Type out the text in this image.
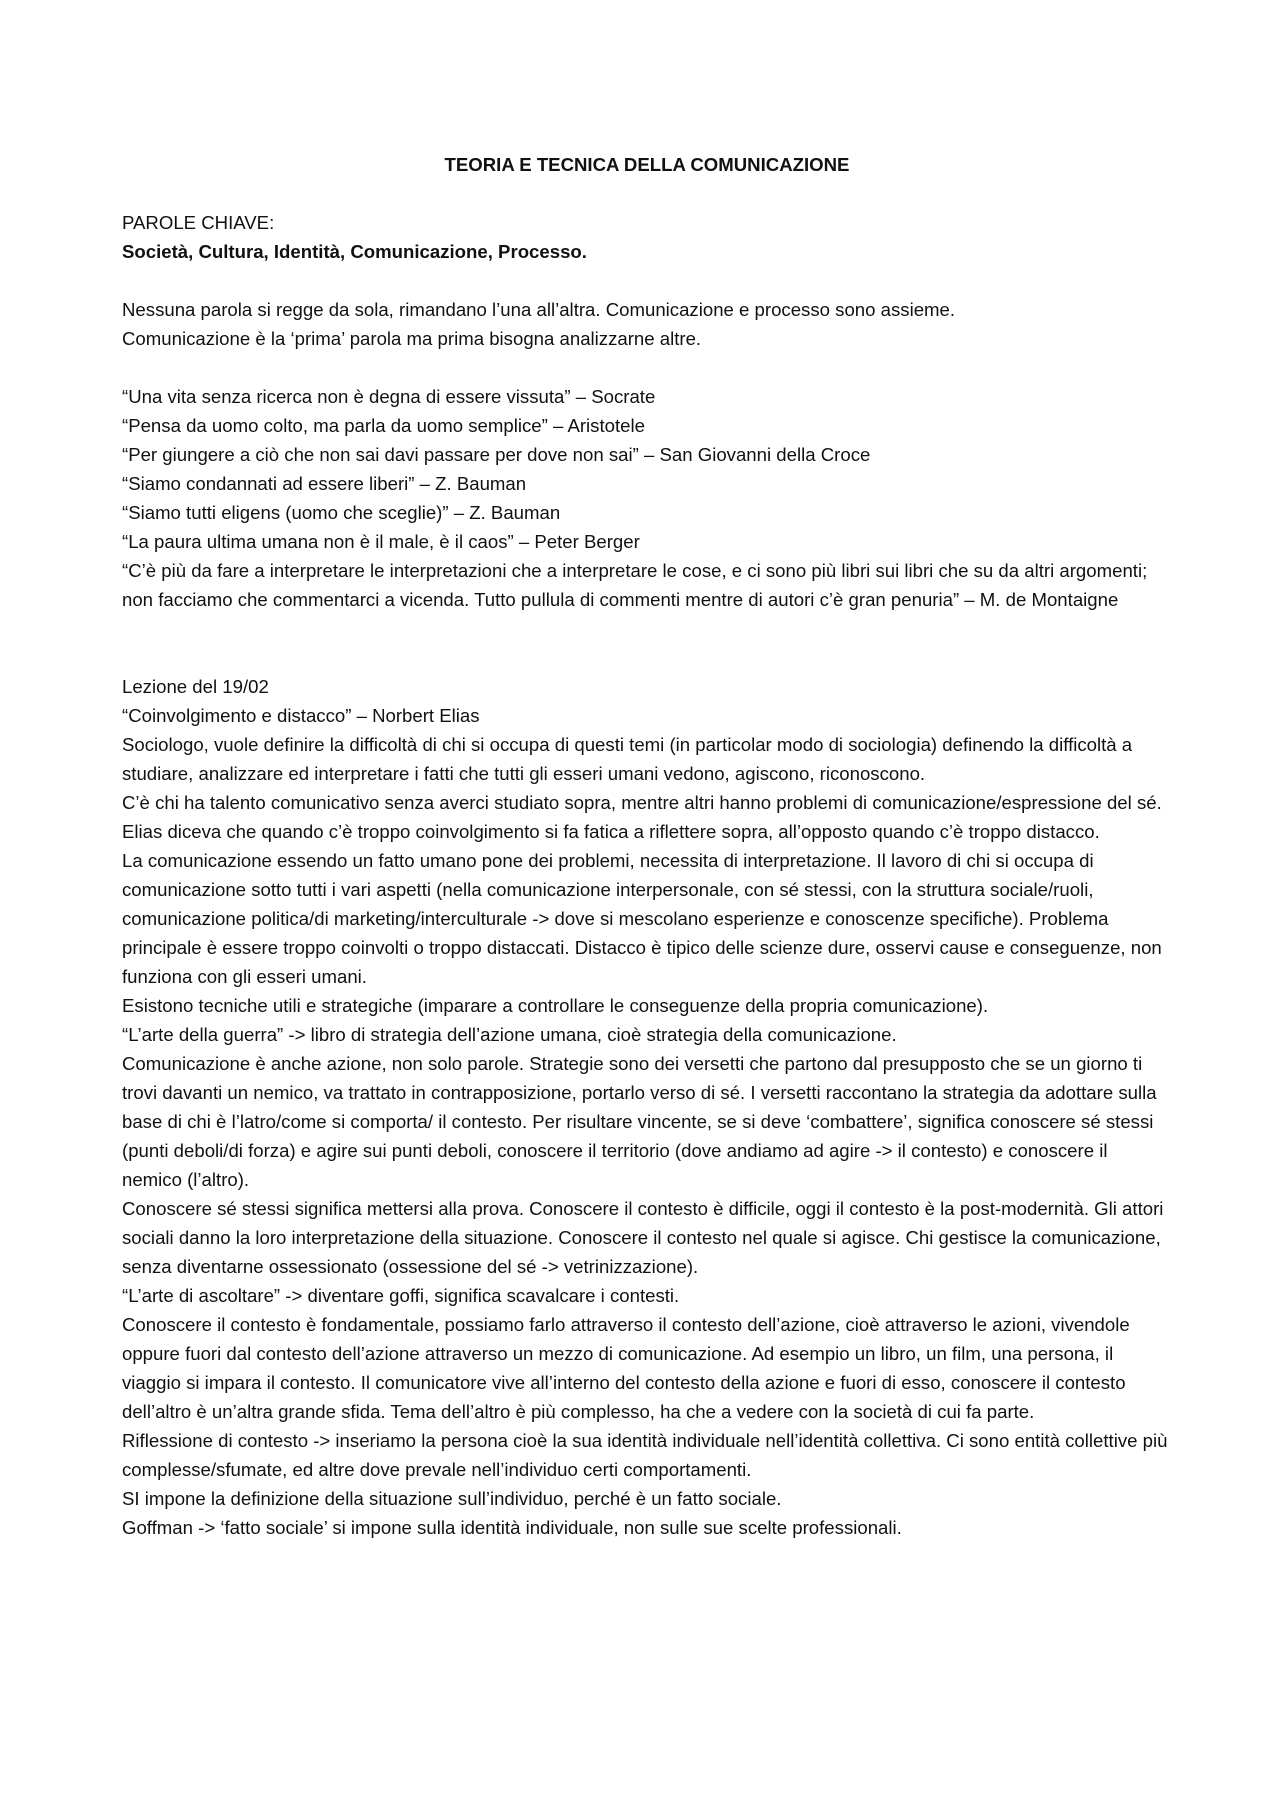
TEORIA E TECNICA DELLA COMUNICAZIONE

PAROLE CHIAVE:

Società, Cultura, Identità, Comunicazione, Processo.

Nessuna parola si regge da sola, rimandano l’una all’altra. Comunicazione e processo sono assieme.

Comunicazione è la ‘prima’ parola ma prima bisogna analizzarne altre.

“Una vita senza ricerca non è degna di essere vissuta” – Socrate

“Pensa da uomo colto, ma parla da uomo semplice” – Aristotele

“Per giungere a ciò che non sai davi passare per dove non sai” – San Giovanni della Croce

“Siamo condannati ad essere liberi” – Z. Bauman

“Siamo tutti eligens (uomo che sceglie)” – Z. Bauman

“La paura ultima umana non è il male, è il caos” – Peter Berger

“C’è più da fare a interpretare le interpretazioni che a interpretare le cose, e ci sono più libri sui libri che su da altri argomenti; non facciamo che commentarci a vicenda. Tutto pullula di commenti mentre di autori c’è gran penuria” – M. de Montaigne

Lezione del 19/02

“Coinvolgimento e distacco” – Norbert Elias

Sociologo, vuole definire la difficoltà di chi si occupa di questi temi (in particolar modo di sociologia) definendo la difficoltà a studiare, analizzare ed interpretare i fatti che tutti gli esseri umani vedono, agiscono, riconoscono.

C’è chi ha talento comunicativo senza averci studiato sopra, mentre altri hanno problemi di comunicazione/espressione del sé. Elias diceva che quando c’è troppo coinvolgimento si fa fatica a riflettere sopra, all’opposto quando c’è troppo distacco.

La comunicazione essendo un fatto umano pone dei problemi, necessita di interpretazione. Il lavoro di chi si occupa di comunicazione sotto tutti i vari aspetti (nella comunicazione interpersonale, con sé stessi, con la struttura sociale/ruoli, comunicazione politica/di marketing/interculturale -> dove si mescolano esperienze e conoscenze specifiche). Problema principale è essere troppo coinvolti o troppo distaccati. Distacco è tipico delle scienze dure, osservi cause e conseguenze, non funziona con gli esseri umani.

Esistono tecniche utili e strategiche (imparare a controllare le conseguenze della propria comunicazione).

“L’arte della guerra” -> libro di strategia dell’azione umana, cioè strategia della comunicazione.

Comunicazione è anche azione, non solo parole. Strategie sono dei versetti che partono dal presupposto che se un giorno ti trovi davanti un nemico, va trattato in contrapposizione, portarlo verso di sé. I versetti raccontano la strategia da adottare sulla base di chi è l’latro/come si comporta/ il contesto. Per risultare vincente, se si deve ‘combattere’, significa conoscere sé stessi (punti deboli/di forza) e agire sui punti deboli, conoscere il territorio (dove andiamo ad agire -> il contesto) e conoscere il nemico (l’altro).

Conoscere sé stessi significa mettersi alla prova. Conoscere il contesto è difficile, oggi il contesto è la post-modernità. Gli attori sociali danno la loro interpretazione della situazione. Conoscere il contesto nel quale si agisce. Chi gestisce la comunicazione, senza diventarne ossessionato (ossessione del sé -> vetrinizzazione).

“L’arte di ascoltare” -> diventare goffi, significa scavalcare i contesti.

Conoscere il contesto è fondamentale, possiamo farlo attraverso il contesto dell’azione, cioè attraverso le azioni, vivendole oppure fuori dal contesto dell’azione attraverso un mezzo di comunicazione. Ad esempio un libro, un film, una persona, il viaggio si impara il contesto. Il comunicatore vive all’interno del contesto della azione e fuori di esso, conoscere il contesto dell’altro è un’altra grande sfida. Tema dell’altro è più complesso, ha che a vedere con la società di cui fa parte.

Riflessione di contesto -> inseriamo la persona cioè la sua identità individuale nell’identità collettiva. Ci sono entità collettive più complesse/sfumate, ed altre dove prevale nell’individuo certi comportamenti.

SI impone la definizione della situazione sull’individuo, perché è un fatto sociale.

Goffman -> ‘fatto sociale’ si impone sulla identità individuale, non sulle sue scelte professionali.
